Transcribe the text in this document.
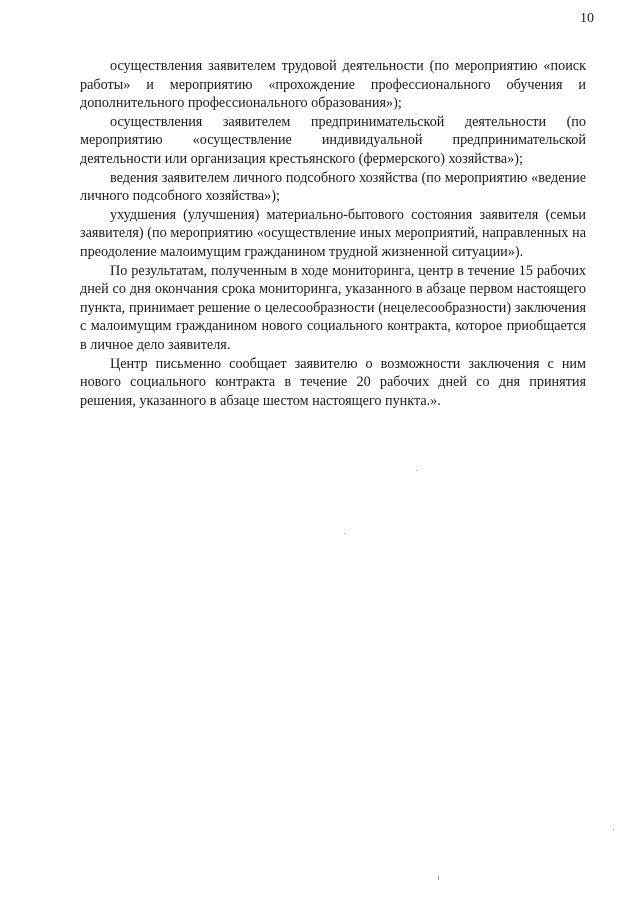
10

осуществления заявителем трудовой деятельности (по мероприятию «поиск работы» и мероприятию «прохождение профессионального обучения и дополнительного профессионального образования»);

осуществления заявителем предпринимательской деятельности (по мероприятию «осуществление индивидуальной предпринимательской деятельности или организация крестьянского (фермерского) хозяйства»);

ведения заявителем личного подсобного хозяйства (по мероприятию «ведение личного подсобного хозяйства»);

ухудшения (улучшения) материально-бытового состояния заявителя (семьи заявителя) (по мероприятию «осуществление иных мероприятий, направленных на преодоление малоимущим гражданином трудной жизненной ситуации»).

По результатам, полученным в ходе мониторинга, центр в течение 15 рабочих дней со дня окончания срока мониторинга, указанного в абзаце первом настоящего пункта, принимает решение о целесообразности (нецелесообразности) заключения с малоимущим гражданином нового социального контракта, которое приобщается в личное дело заявителя.

Центр письменно сообщает заявителю о возможности заключения с ним нового социального контракта в течение 20 рабочих дней со дня принятия решения, указанного в абзаце шестом настоящего пункта.».
